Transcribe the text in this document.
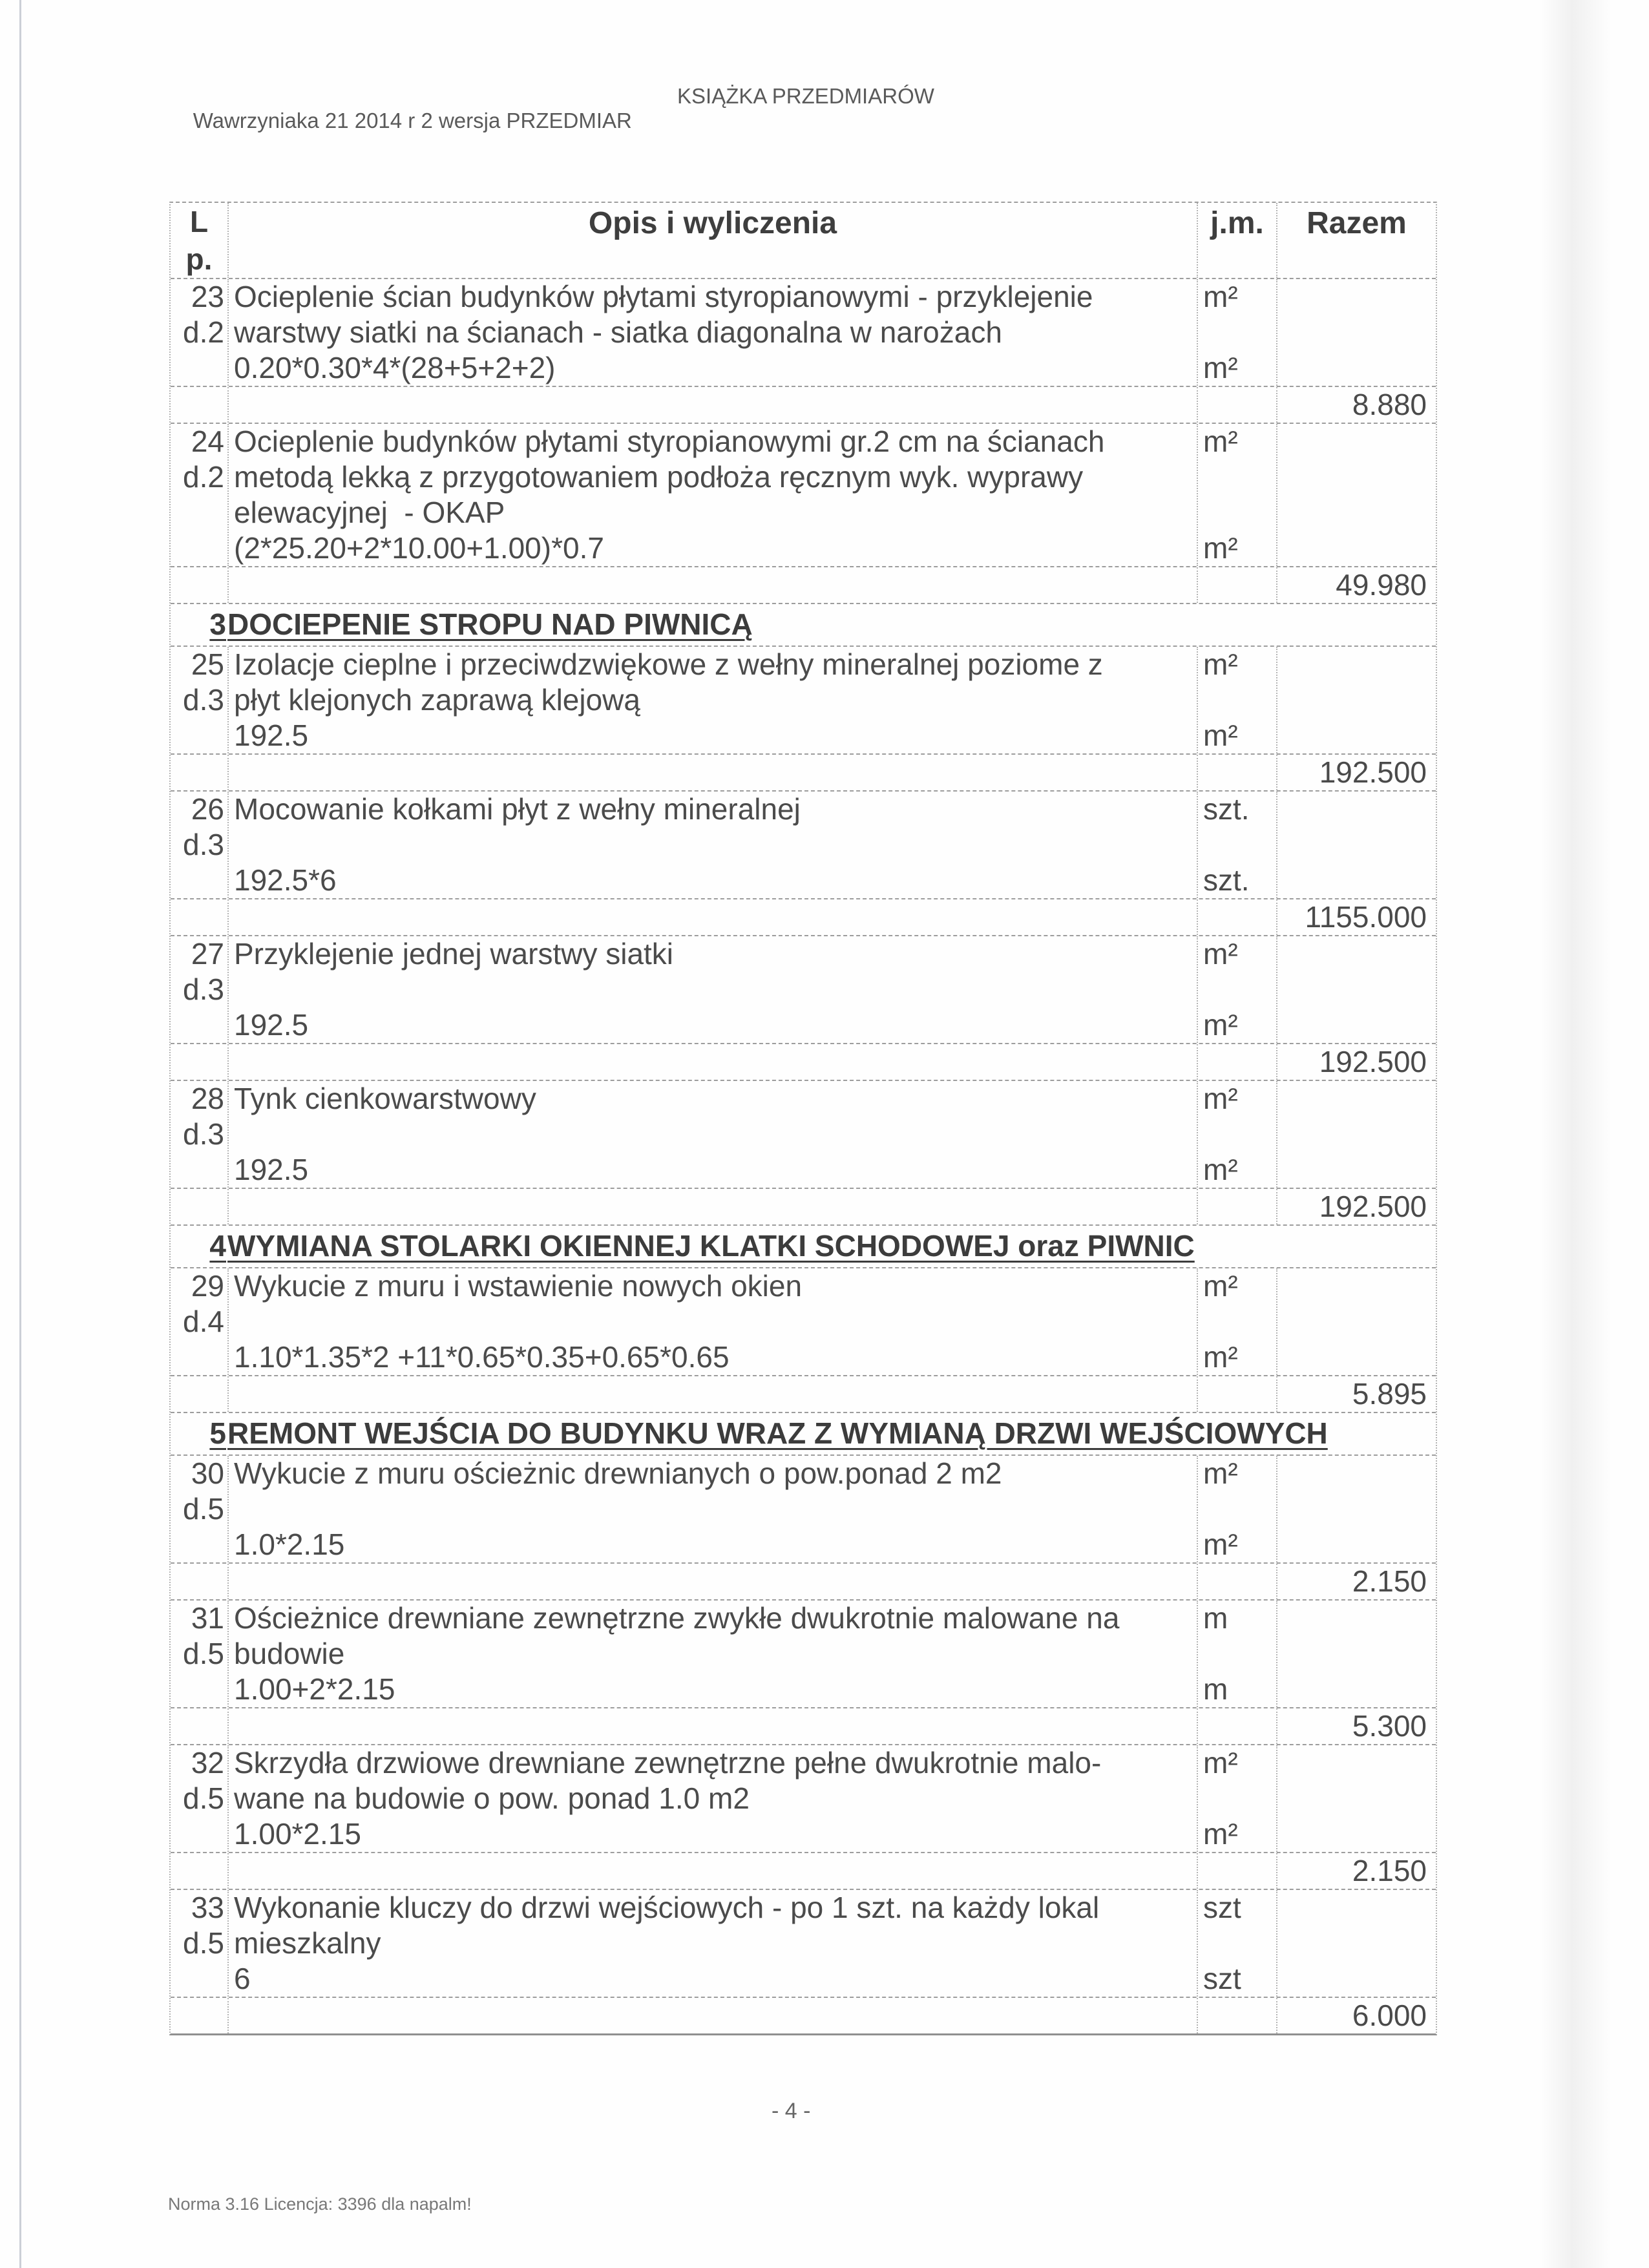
Wawrzyniaka 21 2014 r 2 wersja PRZEDMIAR

KSIĄŻKA PRZEDMIARÓW

L
p.
Opis i wyliczenia	j.m.	Razem
23
d.2
Ocieplenie ścian budynków płytami styropianowymi - przyklejenie
warstwy siatki na ścianach - siatka diagonalna w narożach
0.20*0.30*4*(28+5+2+2)
m²
m²
8.880
24
d.2
Ocieplenie budynków płytami styropianowymi gr.2 cm na ścianach
metodą lekką z przygotowaniem podłoża ręcznym wyk. wyprawy
elewacyjnej  - OKAP
(2*25.20+2*10.00+1.00)*0.7
m²
m²
49.980
3 DOCIEPENIE STROPU NAD PIWNICĄ
25
d.3
Izolacje cieplne i przeciwdzwiękowe z wełny mineralnej poziome z
płyt klejonych zaprawą klejową
192.5
m²
m²
192.500
26
d.3
Mocowanie kołkami płyt z wełny mineralnej
192.5*6
szt.
szt.
1155.000
27
d.3
Przyklejenie jednej warstwy siatki
192.5
m²
m²
192.500
28
d.3
Tynk cienkowarstwowy
192.5
m²
m²
192.500
4 WYMIANA STOLARKI OKIENNEJ KLATKI SCHODOWEJ oraz PIWNIC
29
d.4
Wykucie z muru i wstawienie nowych okien
1.10*1.35*2 +11*0.65*0.35+0.65*0.65
m²
m²
5.895
5 REMONT WEJŚCIA DO BUDYNKU WRAZ Z WYMIANĄ DRZWI WEJŚCIOWYCH
30
d.5
Wykucie z muru ościeżnic drewnianych o pow.ponad 2 m2
1.0*2.15
m²
m²
2.150
31
d.5
Ościeżnice drewniane zewnętrzne zwykłe dwukrotnie malowane na
budowie
1.00+2*2.15
m
m
5.300
32
d.5
Skrzydła drzwiowe drewniane zewnętrzne pełne dwukrotnie malo-
wane na budowie o pow. ponad 1.0 m2
1.00*2.15
m²
m²
2.150
33
d.5
Wykonanie kluczy do drzwi wejściowych - po 1 szt. na każdy lokal
mieszkalny
6
szt
szt
6.000
- 4 -
Norma 3.16 Licencja: 3396 dla napalm!
